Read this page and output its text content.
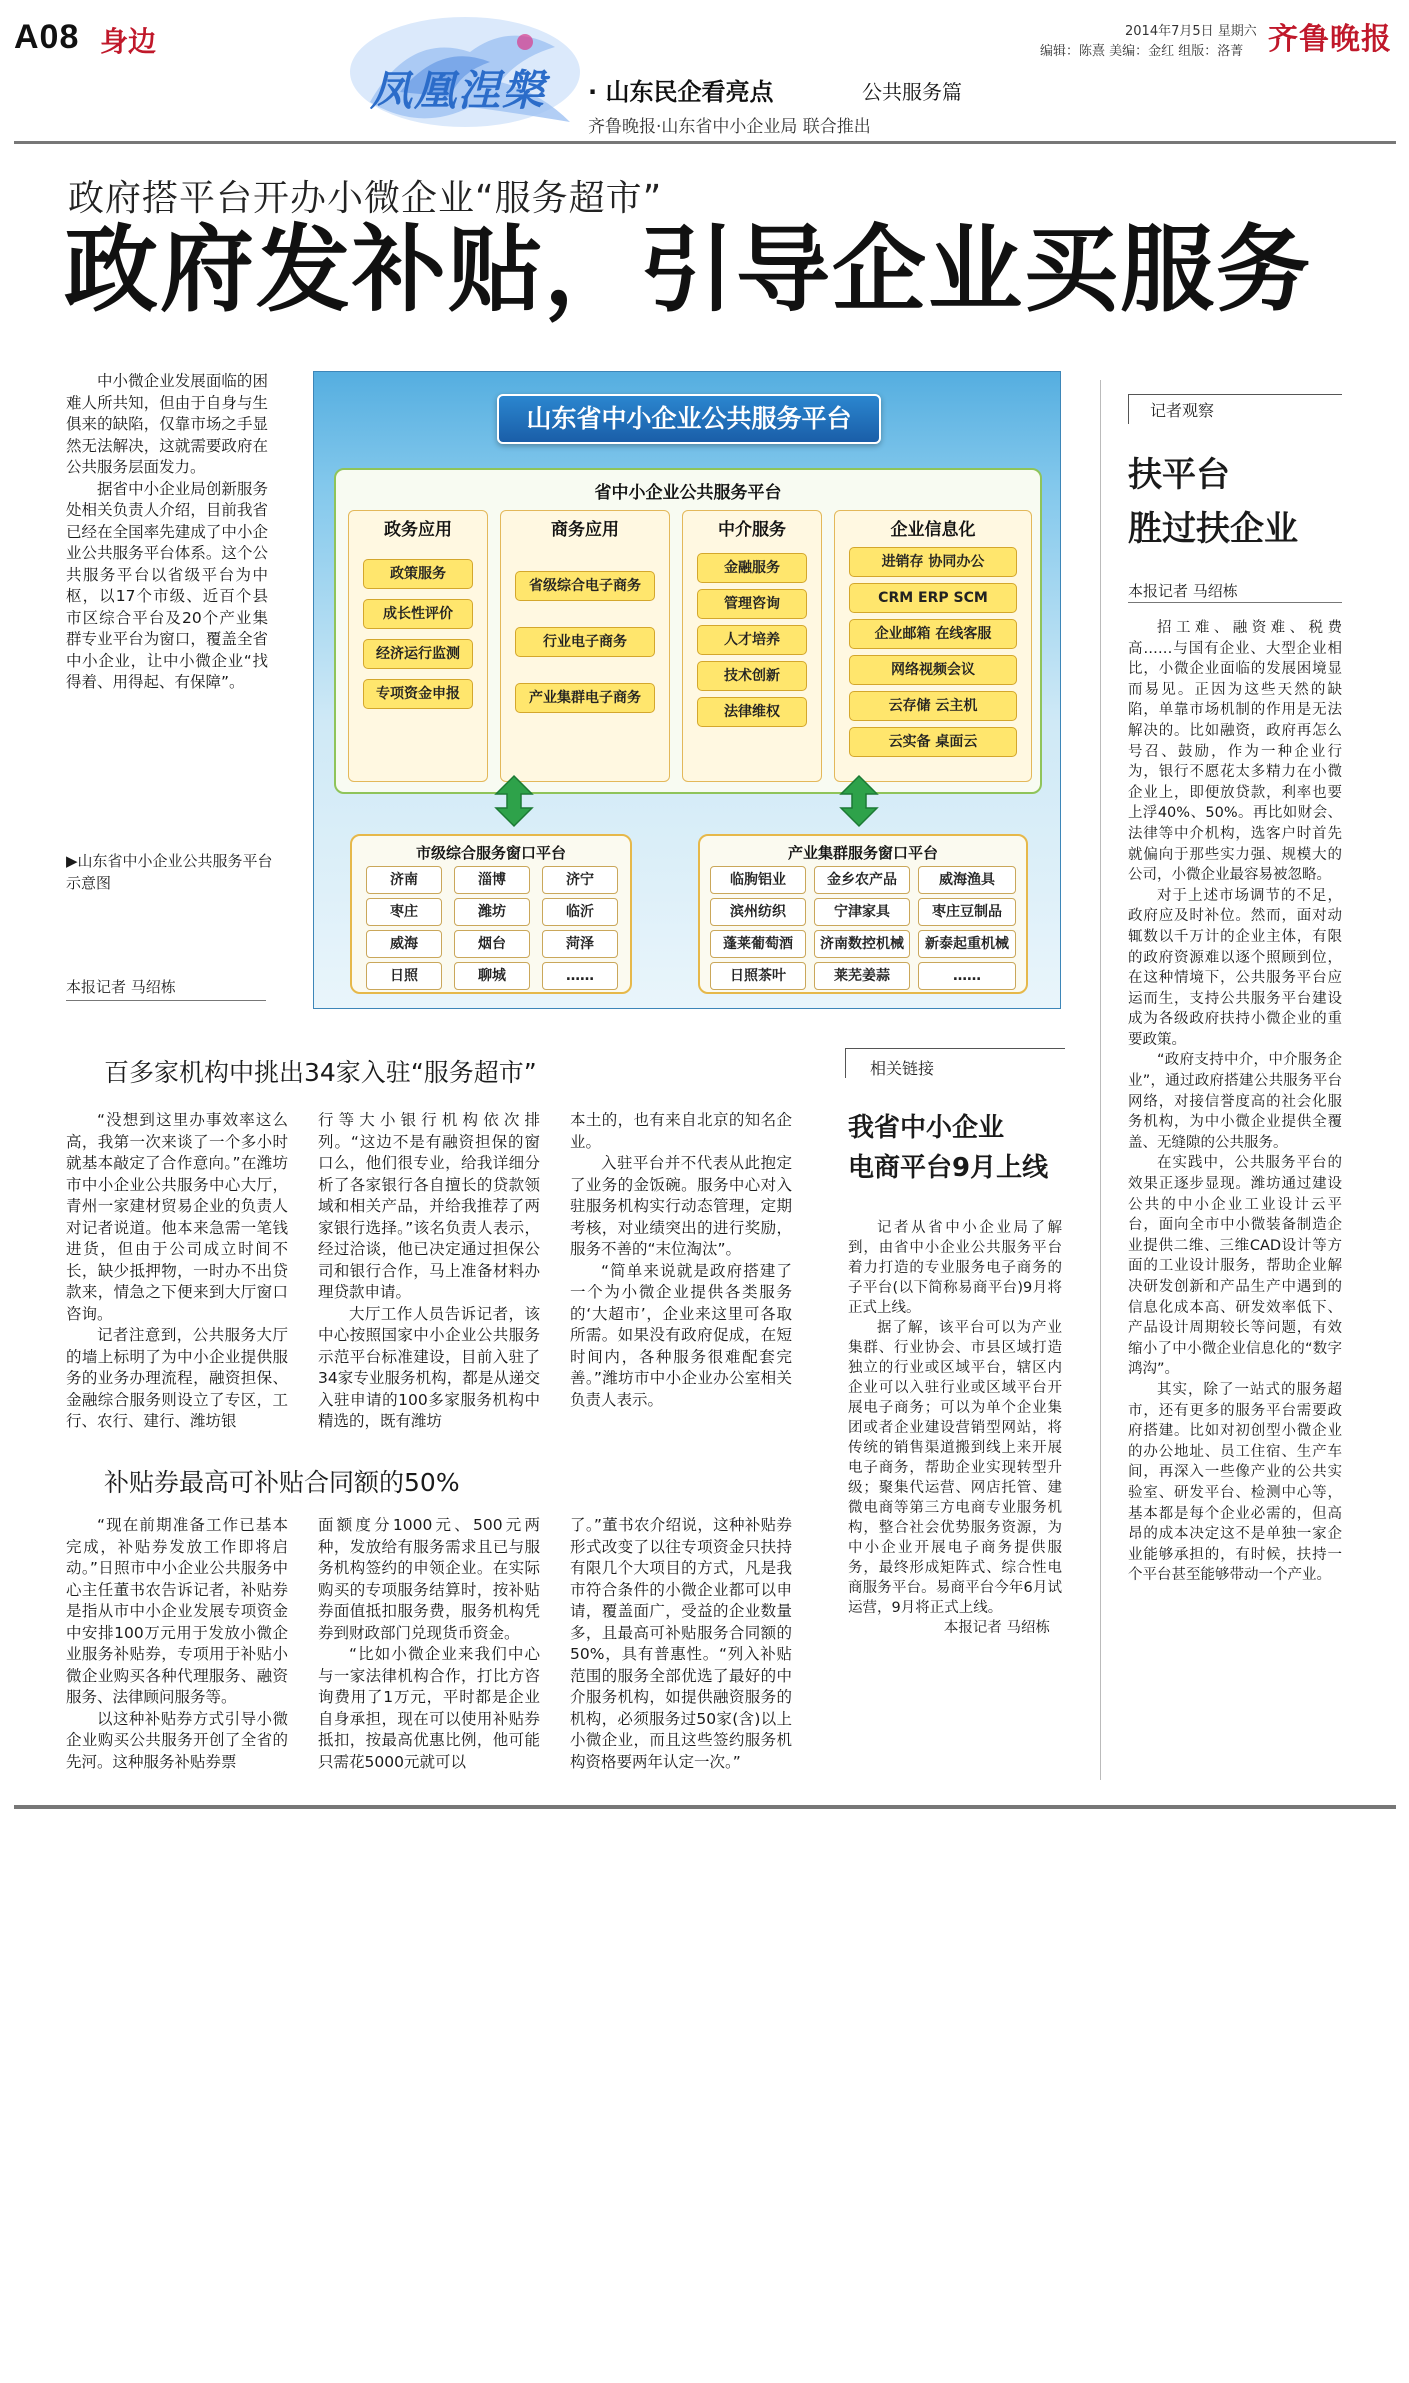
A08 身边	2014年7月5日 星期六 齐鲁晚报
编辑：陈熹 美编：金红 组版：洛菁
凤凰涅槃 · 山东民企看亮点	公共服务篇
齐鲁晚报·山东省中小企业局 联合推出
政府搭平台开办小微企业“服务超市”
政府发补贴，引导企业买服务

中小微企业发展面临的困难人所共知，但由于自身与生俱来的缺陷，仅靠市场之手显然无法解决，这就需要政府在公共服务层面发力。

据省中小企业局创新服务处相关负责人介绍，目前我省已经在全国率先建成了中小企业公共服务平台体系。这个公共服务平台以省级平台为中枢，以17个市级、近百个县市区综合平台及20个产业集群专业平台为窗口，覆盖全省中小企业，让中小微企业“找得着、用得起、有保障”。

▶山东省中小企业公共服务平台示意图
本报记者 马绍栋
山东省中小企业公共服务平台
省中小企业公共服务平台
政务应用
政策服务
成长性评价
经济运行监测
专项资金申报
商务应用
省级综合电子商务
行业电子商务
产业集群电子商务
中介服务
金融服务
管理咨询
人才培养
技术创新
法律维权
企业信息化
进销存 协同办公
CRM ERP SCM
企业邮箱 在线客服
网络视频会议
云存储 云主机
云实备 桌面云
市级综合服务窗口平台
济南	淄博	济宁
枣庄	潍坊	临沂
威海	烟台	菏泽
日照	聊城	……
产业集群服务窗口平台
临朐铝业	金乡农产品	威海渔具
滨州纺织	宁津家具	枣庄豆制品
蓬莱葡萄酒	济南数控机械	新泰起重机械
日照茶叶	莱芜姜蒜	……
百多家机构中挑出34家入驻“服务超市”

“没想到这里办事效率这么高，我第一次来谈了一个多小时就基本敲定了合作意向。”在潍坊市中小企业公共服务中心大厅，青州一家建材贸易企业的负责人对记者说道。他本来急需一笔钱进货，但由于公司成立时间不长，缺少抵押物，一时办不出贷款来，情急之下便来到大厅窗口咨询。

记者注意到，公共服务大厅的墙上标明了为中小企业提供服务的业务办理流程，融资担保、金融综合服务则设立了专区，工行、农行、建行、潍坊银

行等大小银行机构依次排列。“这边不是有融资担保的窗口么，他们很专业，给我详细分析了各家银行各自擅长的贷款领域和相关产品，并给我推荐了两家银行选择。”该名负责人表示，经过洽谈，他已决定通过担保公司和银行合作，马上准备材料办理贷款申请。

大厅工作人员告诉记者，该中心按照国家中小企业公共服务示范平台标准建设，目前入驻了34家专业服务机构，都是从递交入驻申请的100多家服务机构中精选的，既有潍坊

本土的，也有来自北京的知名企业。

入驻平台并不代表从此抱定了业务的金饭碗。服务中心对入驻服务机构实行动态管理，定期考核，对业绩突出的进行奖励，服务不善的“末位淘汰”。

“简单来说就是政府搭建了一个为小微企业提供各类服务的‘大超市’，企业来这里可各取所需。如果没有政府促成，在短时间内，各种服务很难配套完善。”潍坊市中小企业办公室相关负责人表示。

补贴券最高可补贴合同额的50%

“现在前期准备工作已基本完成，补贴券发放工作即将启动。”日照市中小企业公共服务中心主任董书农告诉记者，补贴券是指从市中小企业发展专项资金中安排100万元用于发放小微企业服务补贴券，专项用于补贴小微企业购买各种代理服务、融资服务、法律顾问服务等。

以这种补贴券方式引导小微企业购买公共服务开创了全省的先河。这种服务补贴券票

面额度分1000元、500元两种，发放给有服务需求且已与服务机构签约的申领企业。在实际购买的专项服务结算时，按补贴券面值抵扣服务费，服务机构凭券到财政部门兑现货币资金。

“比如小微企业来我们中心与一家法律机构合作，打比方咨询费用了1万元，平时都是企业自身承担，现在可以使用补贴券抵扣，按最高优惠比例，他可能只需花5000元就可以

了。”董书农介绍说，这种补贴券形式改变了以往专项资金只扶持有限几个大项目的方式，凡是我市符合条件的小微企业都可以申请，覆盖面广，受益的企业数量多，且最高可补贴服务合同额的50%，具有普惠性。“列入补贴范围的服务全部优选了最好的中介服务机构，如提供融资服务的机构，必须服务过50家(含)以上小微企业，而且这些签约服务机构资格要两年认定一次。”

相关链接
我省中小企业
电商平台9月上线

记者从省中小企业局了解到，由省中小企业公共服务平台着力打造的专业服务电子商务的子平台(以下简称易商平台)9月将正式上线。

据了解，该平台可以为产业集群、行业协会、市县区域打造独立的行业或区域平台，辖区内企业可以入驻行业或区域平台开展电子商务；可以为单个企业集团或者企业建设营销型网站，将传统的销售渠道搬到线上来开展电子商务，帮助企业实现转型升级；聚集代运营、网店托管、建微电商等第三方电商专业服务机构，整合社会优势服务资源，为中小企业开展电子商务提供服务，最终形成矩阵式、综合性电商服务平台。易商平台今年6月试运营，9月将正式上线。

本报记者 马绍栋
记者观察
扶平台
胜过扶企业
本报记者 马绍栋

招工难、融资难、税费高……与国有企业、大型企业相比，小微企业面临的发展困境显而易见。正因为这些天然的缺陷，单靠市场机制的作用是无法解决的。比如融资，政府再怎么号召、鼓励，作为一种企业行为，银行不愿花太多精力在小微企业上，即便放贷款，利率也要上浮40%、50%。再比如财会、法律等中介机构，选客户时首先就偏向于那些实力强、规模大的公司，小微企业最容易被忽略。

对于上述市场调节的不足，政府应及时补位。然而，面对动辄数以千万计的企业主体，有限的政府资源难以逐个照顾到位，在这种情境下，公共服务平台应运而生，支持公共服务平台建设成为各级政府扶持小微企业的重要政策。

“政府支持中介，中介服务企业”，通过政府搭建公共服务平台网络，对接信誉度高的社会化服务机构，为中小微企业提供全覆盖、无缝隙的公共服务。

在实践中，公共服务平台的效果正逐步显现。潍坊通过建设公共的中小企业工业设计云平台，面向全市中小微装备制造企业提供二维、三维CAD设计等方面的工业设计服务，帮助企业解决研发创新和产品生产中遇到的信息化成本高、研发效率低下、产品设计周期较长等问题，有效缩小了中小微企业信息化的“数字鸿沟”。

其实，除了一站式的服务超市，还有更多的服务平台需要政府搭建。比如对初创型小微企业的办公地址、员工住宿、生产车间，再深入一些像产业的公共实验室、研发平台、检测中心等，基本都是每个企业必需的，但高昂的成本决定这不是单独一家企业能够承担的，有时候，扶持一个平台甚至能够带动一个产业。
